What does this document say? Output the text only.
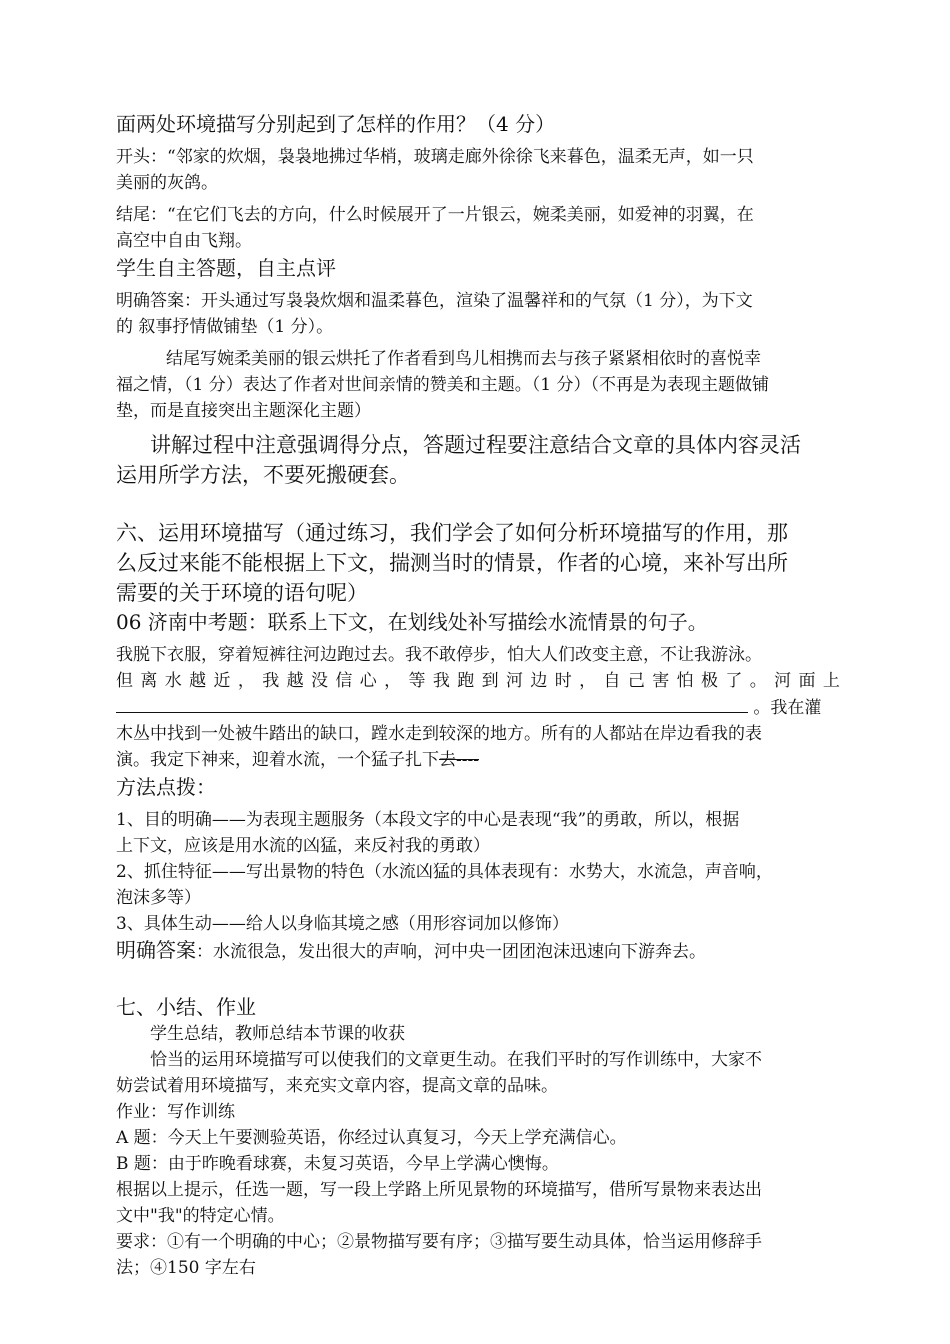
面两处环境描写分别起到了怎样的作用？（4 分）

开头：“邻家的炊烟，袅袅地拂过华梢，玻璃走廊外徐徐飞来暮色，温柔无声，如一只

美丽的灰鸽。

结尾：“在它们飞去的方向，什么时候展开了一片银云，婉柔美丽，如爱神的羽翼，在

高空中自由飞翔。

学生自主答题，自主点评

明确答案：开头通过写袅袅炊烟和温柔暮色，渲染了温馨祥和的气氛（1 分），为下文

的 叙事抒情做铺垫（1 分）。

结尾写婉柔美丽的银云烘托了作者看到鸟儿相携而去与孩子紧紧相依时的喜悦幸

福之情，（1 分）表达了作者对世间亲情的赞美和主题。（1 分）（不再是为表现主题做铺

垫，而是直接突出主题深化主题）

讲解过程中注意强调得分点，答题过程要注意结合文章的具体内容灵活

运用所学方法，不要死搬硬套。

六、运用环境描写（通过练习，我们学会了如何分析环境描写的作用，那

么反过来能不能根据上下文，揣测当时的情景，作者的心境，来补写出所

需要的关于环境的语句呢）

06 济南中考题：联系上下文，在划线处补写描绘水流情景的句子。

我脱下衣服，穿着短裤往河边跑过去。我不敢停步，怕大人们改变主意，不让我游泳。

但 离 水 越 近 ， 我 越 没 信 心 ， 等 我 跑 到 河 边 时 ， 自 己 害 怕 极 了 。 河 面 上

。我在灌

木丛中找到一处被牛踏出的缺口，蹚水走到较深的地方。所有的人都站在岸边看我的表

演。我定下神来，迎着水流，一个猛子扎下去----

方法点拨：

1、目的明确——为表现主题服务（本段文字的中心是表现“我”的勇敢，所以，根据

上下文，应该是用水流的凶猛，来反衬我的勇敢）

2、抓住特征——写出景物的特色（水流凶猛的具体表现有：水势大，水流急，声音响，

泡沫多等）

3、具体生动——给人以身临其境之感（用形容词加以修饰）

明确答案：水流很急，发出很大的声响，河中央一团团泡沫迅速向下游奔去。

七、小结、作业

学生总结，教师总结本节课的收获

恰当的运用环境描写可以使我们的文章更生动。在我们平时的写作训练中，大家不

妨尝试着用环境描写，来充实文章内容，提高文章的品味。

作业：写作训练

A 题：今天上午要测验英语，你经过认真复习，今天上学充满信心。

B 题：由于昨晚看球赛，未复习英语，今早上学满心懊悔。

根据以上提示，任选一题，写一段上学路上所见景物的环境描写，借所写景物来表达出

文中"我"的特定心情。

要求：①有一个明确的中心；②景物描写要有序；③描写要生动具体，恰当运用修辞手

法；④150 字左右
